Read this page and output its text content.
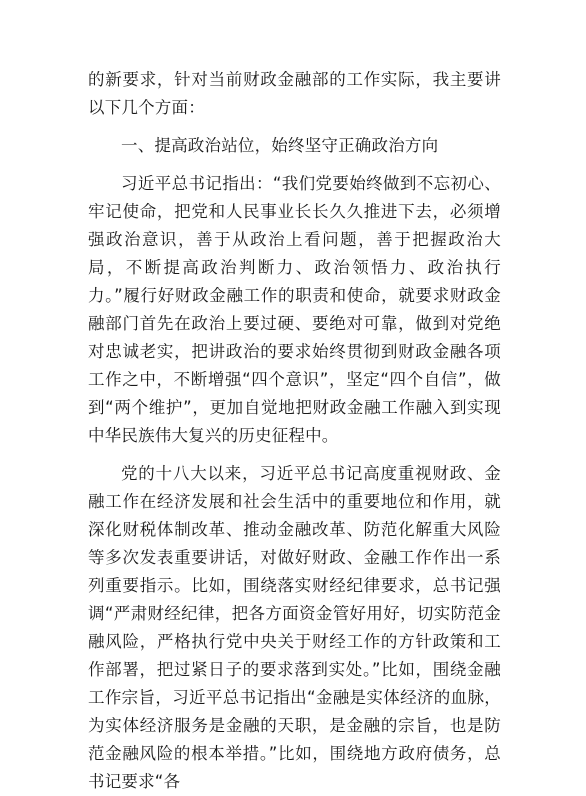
的新要求，针对当前财政金融部的工作实际，我主要讲以下几个方面：

一、提高政治站位，始终坚守正确政治方向

习近平总书记指出：“我们党要始终做到不忘初心、牢记使命，把党和人民事业长长久久推进下去，必须增强政治意识，善于从政治上看问题，善于把握政治大局，不断提高政治判断力、政治领悟力、政治执行力。”履行好财政金融工作的职责和使命，就要求财政金融部门首先在政治上要过硬、要绝对可靠，做到对党绝对忠诚老实，把讲政治的要求始终贯彻到财政金融各项工作之中，不断增强“四个意识”，坚定“四个自信”，做到“两个维护”，更加自觉地把财政金融工作融入到实现中华民族伟大复兴的历史征程中。

党的十八大以来，习近平总书记高度重视财政、金融工作在经济发展和社会生活中的重要地位和作用，就深化财税体制改革、推动金融改革、防范化解重大风险等多次发表重要讲话，对做好财政、金融工作作出一系列重要指示。比如，围绕落实财经纪律要求，总书记强调“严肃财经纪律，把各方面资金管好用好，切实防范金融风险，严格执行党中央关于财经工作的方针政策和工作部署，把过紧日子的要求落到实处。”比如，围绕金融工作宗旨，习近平总书记指出“金融是实体经济的血脉，为实体经济服务是金融的天职，是金融的宗旨，也是防范金融风险的根本举措。”比如，围绕地方政府债务，总书记要求“各
